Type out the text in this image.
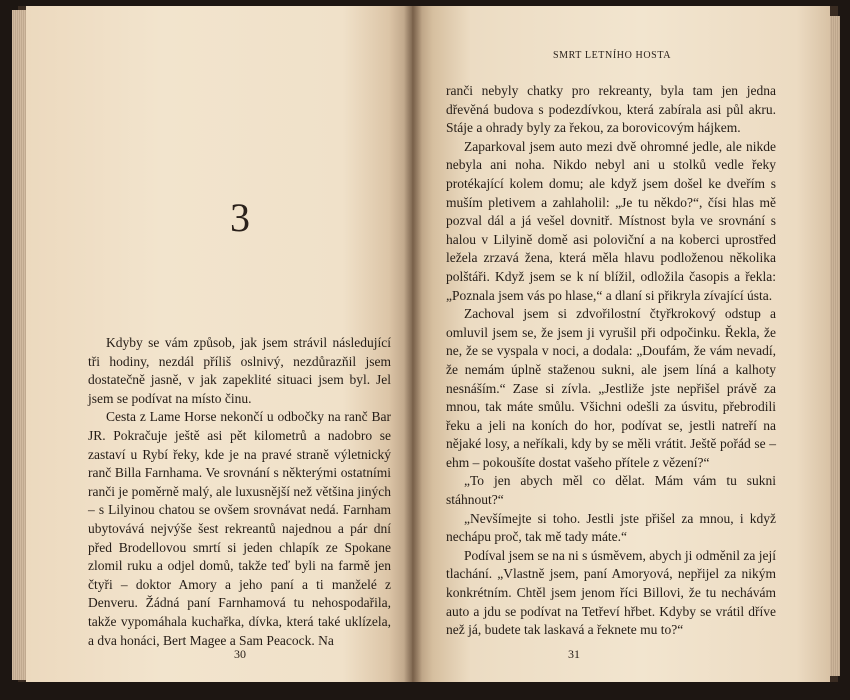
3

Kdyby se vám způsob, jak jsem strávil následující tři hodiny, nezdál příliš oslnivý, nezdůrazňil jsem dostatečně jasně, v jak zapeklité situaci jsem byl. Jel jsem se podívat na místo činu.

Cesta z Lame Horse nekončí u odbočky na ranč Bar JR. Pokračuje ještě asi pět kilometrů a nadobro se zastaví u Rybí řeky, kde je na pravé straně výletnický ranč Billa Farnhama. Ve srovnání s některými ostatními ranči je poměrně malý, ale luxusnější než většina jiných – s Lilyinou chatou se ovšem srovnávat nedá. Farnham ubytovává nejvýše šest rekreantů najednou a pár dní před Brodellovou smrtí si jeden chlapík ze Spokane zlomil ruku a odjel domů, takže teď byli na farmě jen čtyři – doktor Amory a jeho paní a ti manželé z Denveru. Žádná paní Farnhamová tu nehospodařila, takže vypomáhala kuchařka, dívka, která také uklízela, a dva honáci, Bert Magee a Sam Peacock. Na

30
SMRT LETNÍHO HOSTA

ranči nebyly chatky pro rekreanty, byla tam jen jedna dřevěná budova s podezdívkou, která zabírala asi půl akru. Stáje a ohrady byly za řekou, za borovicovým hájkem.

Zaparkoval jsem auto mezi dvě ohromné jedle, ale nikde nebyla ani noha. Nikdo nebyl ani u stolků vedle řeky protékající kolem domu; ale když jsem došel ke dveřím s muším pletivem a zahlaholil: „Je tu někdo?“, čísi hlas mě pozval dál a já vešel dovnitř. Místnost byla ve srovnání s halou v Lilyině domě asi poloviční a na koberci uprostřed ležela zrzavá žena, která měla hlavu podloženou několika polštáři. Když jsem se k ní blížil, odložila časopis a řekla: „Poznala jsem vás po hlase,“ a dlaní si přikryla zívající ústa.

Zachoval jsem si zdvořilostní čtyřkrokový odstup a omluvil jsem se, že jsem ji vyrušil při odpočinku. Řekla, že ne, že se vyspala v noci, a dodala: „Doufám, že vám nevadí, že nemám úplně staženou sukni, ale jsem líná a kalhoty nesnáším.“ Zase si zívla. „Jestliže jste nepřišel právě za mnou, tak máte smůlu. Všichni odešli za úsvitu, přebrodili řeku a jeli na koních do hor, podívat se, jestli natreří na nějaké losy, a neříkali, kdy by se měli vrátit. Ještě pořád se – ehm – pokoušíte dostat vašeho přítele z vězení?“

„To jen abych měl co dělat. Mám vám tu sukni stáhnout?“

„Nevšímejte si toho. Jestli jste přišel za mnou, i když nechápu proč, tak mě tady máte.“

Podíval jsem se na ni s úsměvem, abych ji odměnil za její tlachání. „Vlastně jsem, paní Amoryová, nepřijel za nikým konkrétním. Chtěl jsem jenom říci Billovi, že tu nechávám auto a jdu se podívat na Tetřeví hřbet. Kdyby se vrátil dříve než já, budete tak laskavá a řeknete mu to?“

31
